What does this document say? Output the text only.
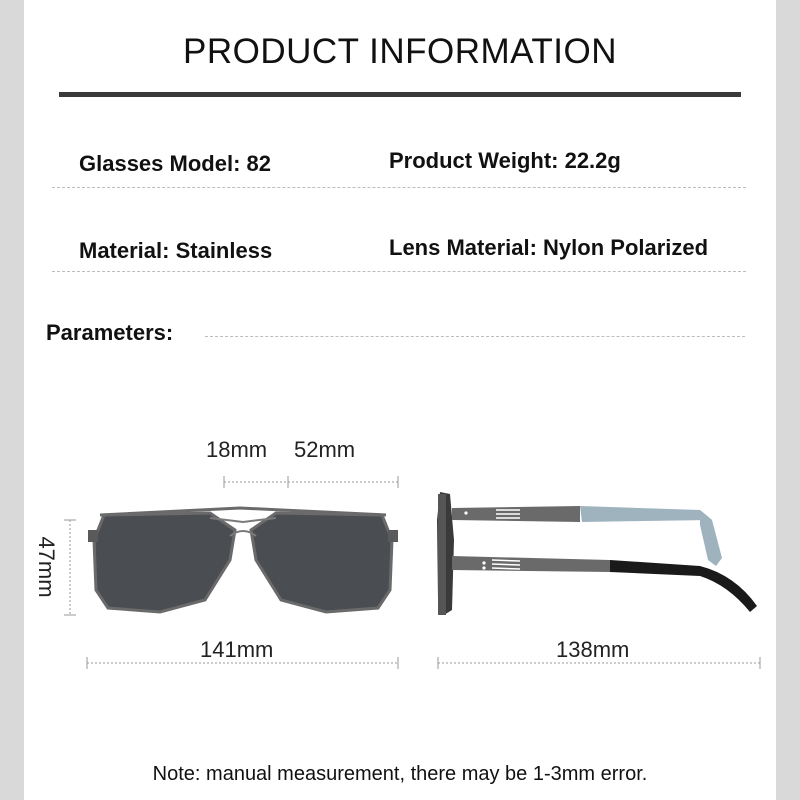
PRODUCT INFORMATION
Glasses Model: 82	Product Weight: 22.2g
Material: Stainless	Lens Material: Nylon Polarized
Parameters:
18mm 52mm
141mm	138mm
47mm
Note: manual measurement, there may be 1-3mm error.
